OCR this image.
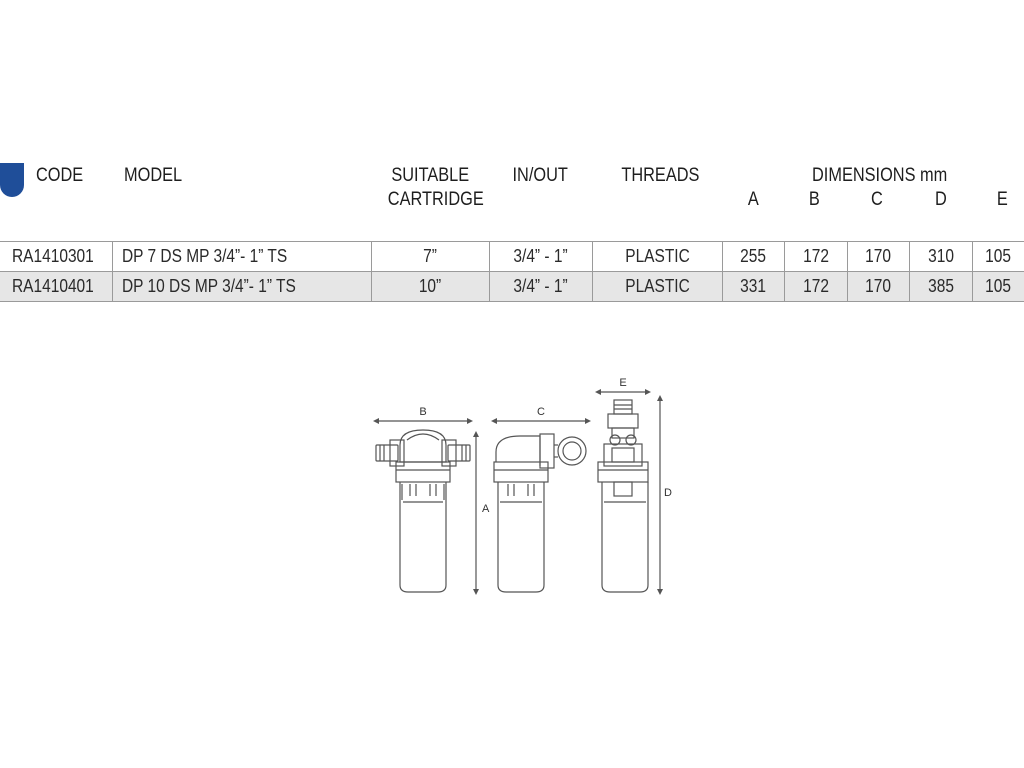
CODE	MODEL	SUITABLE
CARTRIDGE
IN/OUT	THREADS	DIMENSIONS mm
A	B	C	D	E
RA1410301	DP 7 DS MP 3/4”- 1” TS	7”	3/4” - 1”	PLASTIC	255	172	170	310	105
RA1410401	DP 10 DS MP 3/4”- 1” TS	10”	3/4” - 1”	PLASTIC	331	172	170	385	105
B
A
C
E
D
